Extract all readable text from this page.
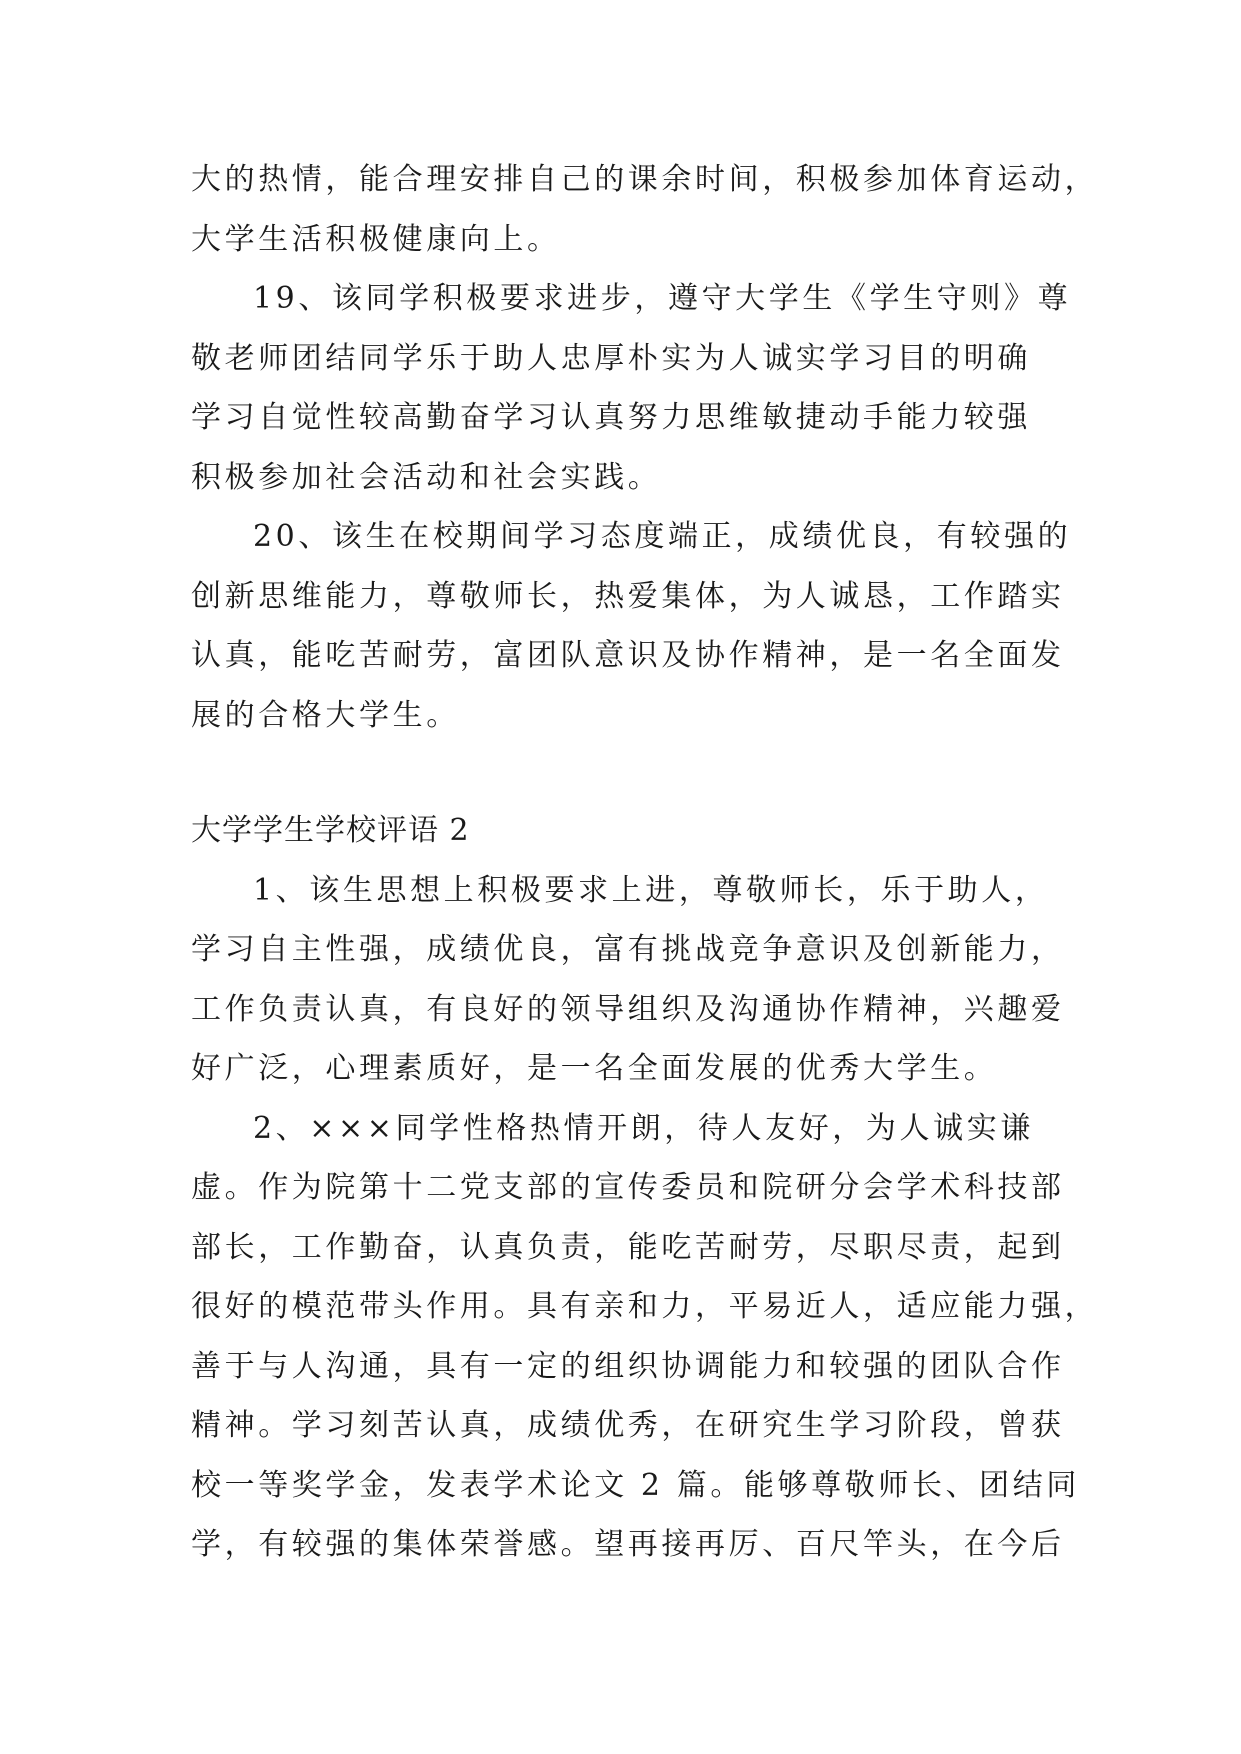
大的热情，能合理安排自己的课余时间，积极参加体育运动，
大学生活积极健康向上。
19、该同学积极要求进步，遵守大学生《学生守则》尊
敬老师团结同学乐于助人忠厚朴实为人诚实学习目的明确
学习自觉性较高勤奋学习认真努力思维敏捷动手能力较强
积极参加社会活动和社会实践。
20、该生在校期间学习态度端正，成绩优良，有较强的
创新思维能力，尊敬师长，热爱集体，为人诚恳，工作踏实
认真，能吃苦耐劳，富团队意识及协作精神，是一名全面发
展的合格大学生。
大学学生学校评语 2
1、该生思想上积极要求上进，尊敬师长，乐于助人，
学习自主性强，成绩优良，富有挑战竞争意识及创新能力，
工作负责认真，有良好的领导组织及沟通协作精神，兴趣爱
好广泛，心理素质好，是一名全面发展的优秀大学生。
2、×××同学性格热情开朗，待人友好，为人诚实谦
虚。作为院第十二党支部的宣传委员和院研分会学术科技部
部长，工作勤奋，认真负责，能吃苦耐劳，尽职尽责，起到
很好的模范带头作用。具有亲和力，平易近人，适应能力强，
善于与人沟通，具有一定的组织协调能力和较强的团队合作
精神。学习刻苦认真，成绩优秀，在研究生学习阶段，曾获
校一等奖学金，发表学术论文 2 篇。能够尊敬师长、团结同
学，有较强的集体荣誉感。望再接再厉、百尺竿头，在今后
